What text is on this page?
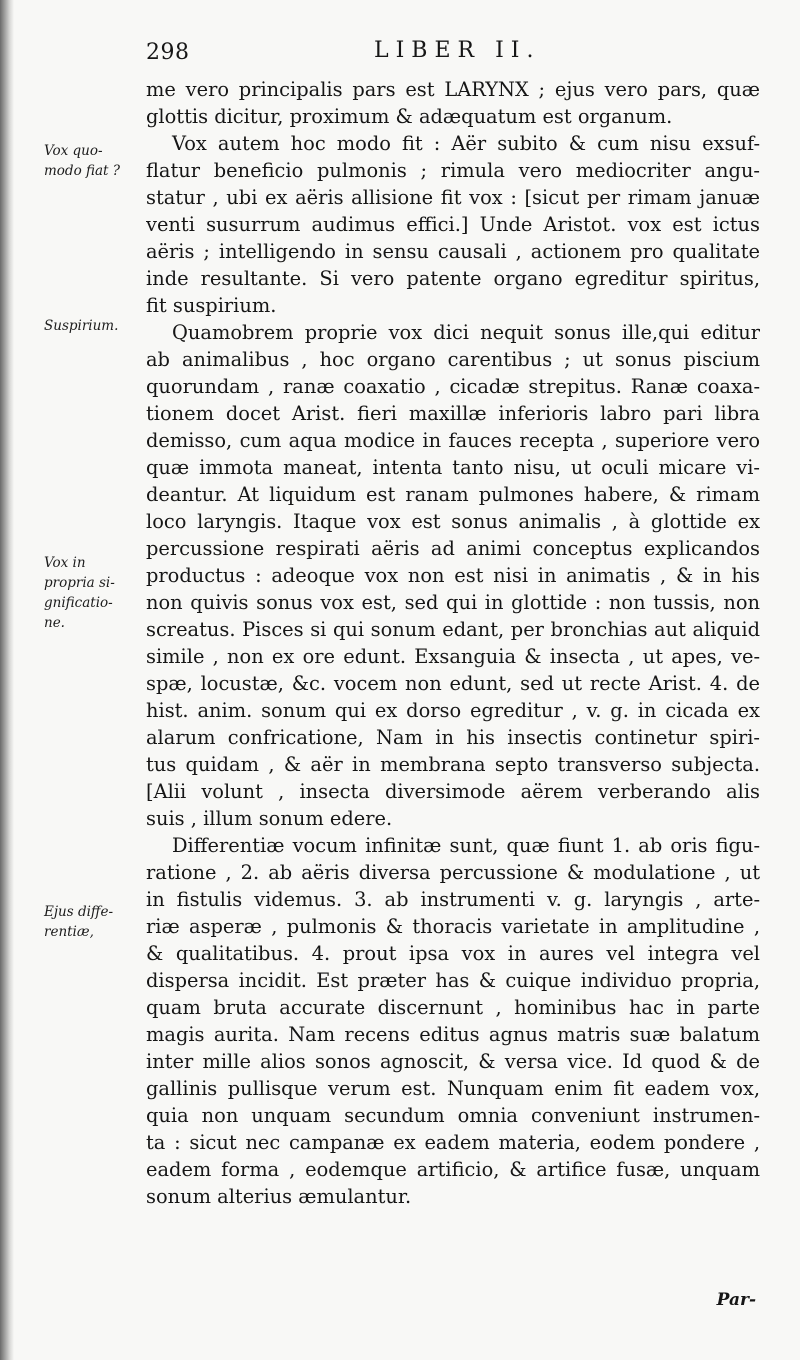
298	LIBER II.
Vox quo-
modo fiat ?
Suspirium.
Vox in
propria si-
gnificatio-
ne.
Ejus diffe-
rentiæ,
me vero principalis pars est LARYNX ; ejus vero pars, quæ
glottis dicitur, proximum & adæquatum est organum.
Vox autem hoc modo fit : Aër subito & cum nisu exsuf-
flatur beneficio pulmonis ; rimula vero mediocriter angu-
statur , ubi ex aëris allisione fit vox : [sicut per rimam januæ
venti susurrum audimus effici.] Unde Aristot. vox est ictus
aëris ; intelligendo in sensu causali , actionem pro qualitate
inde resultante. Si vero patente organo egreditur spiritus,
fit suspirium.
Quamobrem proprie vox dici nequit sonus ille,qui editur
ab animalibus , hoc organo carentibus ; ut sonus piscium
quorundam , ranæ coaxatio , cicadæ strepitus. Ranæ coaxa-
tionem docet Arist. fieri maxillæ inferioris labro pari libra
demisso, cum aqua modice in fauces recepta , superiore vero
quæ immota maneat, intenta tanto nisu, ut oculi micare vi-
deantur. At liquidum est ranam pulmones habere, & rimam
loco laryngis. Itaque vox est sonus animalis , à glottide ex
percussione respirati aëris ad animi conceptus explicandos
productus : adeoque vox non est nisi in animatis , & in his
non quivis sonus vox est, sed qui in glottide : non tussis, non
screatus. Pisces si qui sonum edant, per bronchias aut aliquid
simile , non ex ore edunt. Exsanguia & insecta , ut apes, ve-
spæ, locustæ, &c. vocem non edunt, sed ut recte Arist. 4. de
hist. anim. sonum qui ex dorso egreditur , v. g. in cicada ex
alarum confricatione, Nam in his insectis continetur spiri-
tus quidam , & aër in membrana septo transverso subjecta.
[Alii volunt , insecta diversimode aërem verberando alis
suis , illum sonum edere.
Differentiæ vocum infinitæ sunt, quæ fiunt 1. ab oris figu-
ratione , 2. ab aëris diversa percussione & modulatione , ut
in fistulis videmus. 3. ab instrumenti v. g. laryngis , arte-
riæ asperæ , pulmonis & thoracis varietate in amplitudine ,
& qualitatibus. 4. prout ipsa vox in aures vel integra vel
dispersa incidit. Est præter has & cuique individuo propria,
quam bruta accurate discernunt , hominibus hac in parte
magis aurita. Nam recens editus agnus matris suæ balatum
inter mille alios sonos agnoscit, & versa vice. Id quod & de
gallinis pullisque verum est. Nunquam enim fit eadem vox,
quia non unquam secundum omnia conveniunt instrumen-
ta : sicut nec campanæ ex eadem materia, eodem pondere ,
eadem forma , eodemque artificio, & artifice fusæ, unquam
sonum alterius æmulantur.
Par-
